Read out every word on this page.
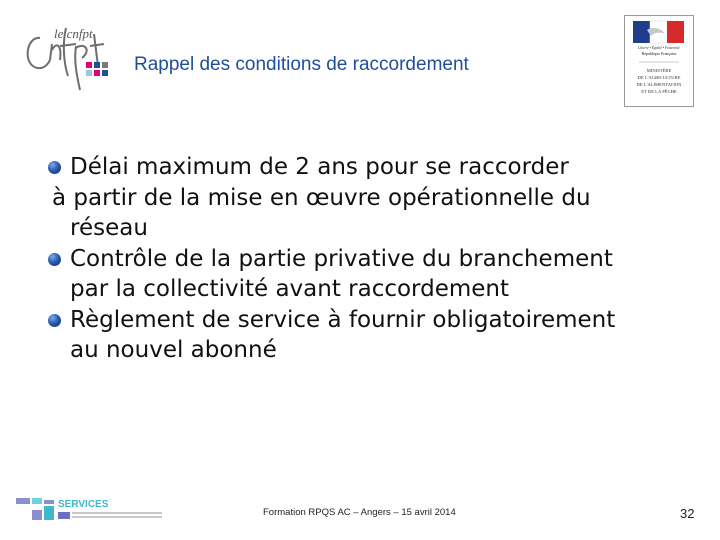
le cnfpt
Rappel des conditions de raccordement
Liberté • Égalité • Fraternité
République Française
MINISTÈRE
DE L'AGRICULTURE
DE L'ALIMENTATION
ET DE LA PÊCHE
Délai maximum de 2 ans pour se raccorder
à partir de la mise en œuvre opérationnelle du
réseau
Contrôle de la partie privative du branchement
par la collectivité avant raccordement
Règlement de service à fournir obligatoirement
au nouvel abonné
SERVICES
Formation RPQS AC – Angers – 15 avril 2014	32
